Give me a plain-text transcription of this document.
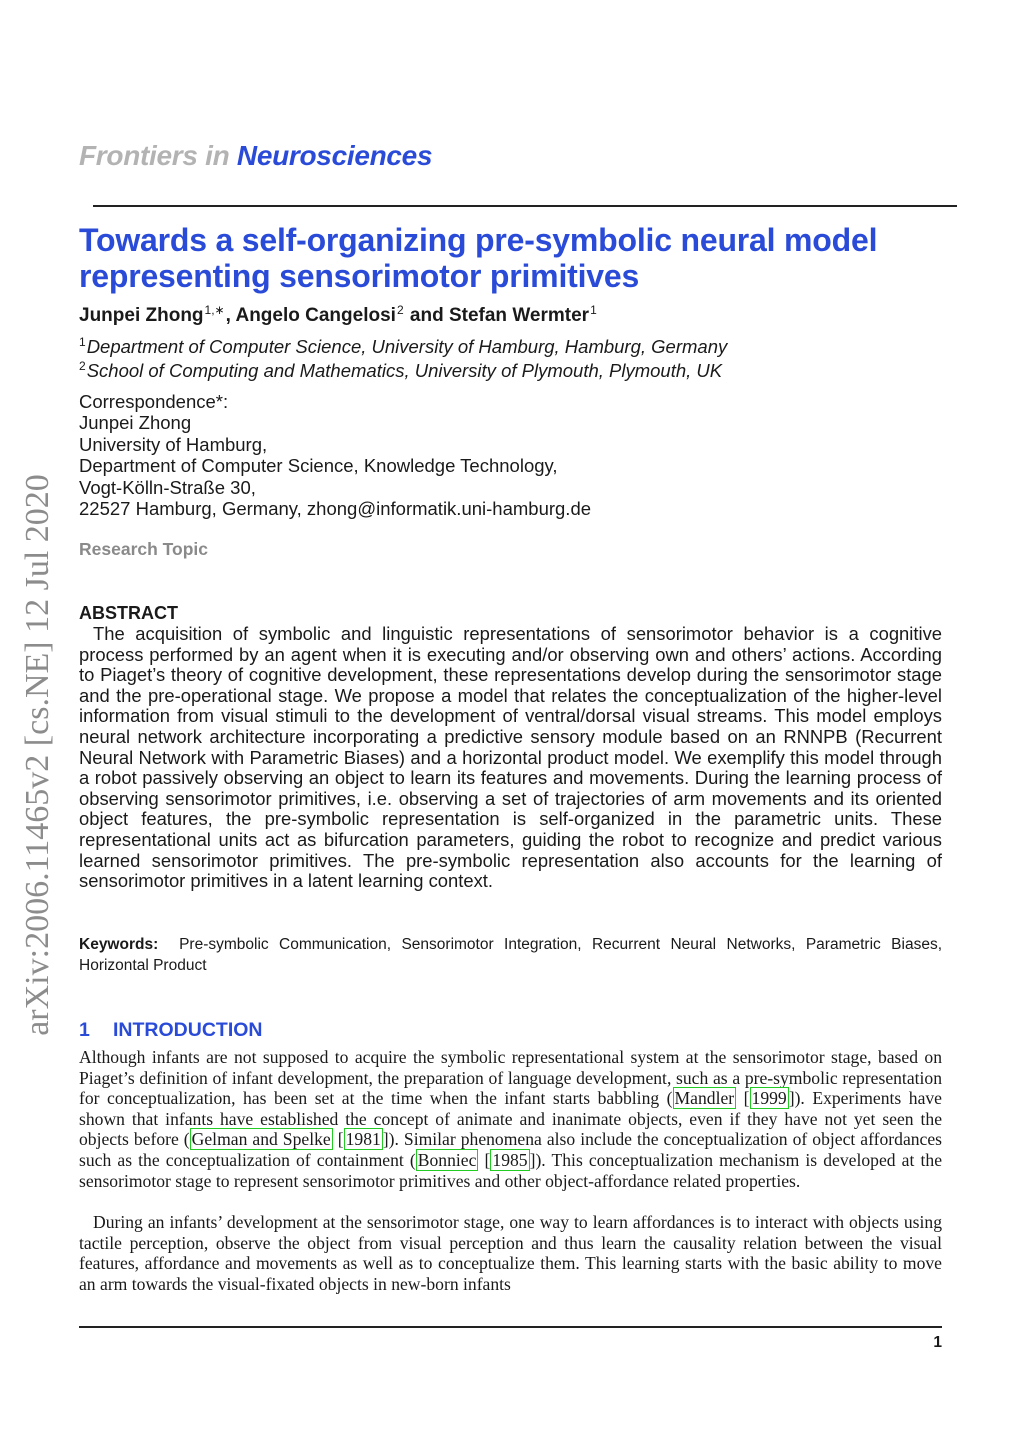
Frontiers in Neurosciences
Towards a self-organizing pre-symbolic neural model representing sensorimotor primitives
Junpei Zhong$^{1,∗}$, Angelo Cangelosi$^2$ and Stefan Wermter$^1$
$^1$Department of Computer Science, University of Hamburg, Hamburg, Germany
$^2$School of Computing and Mathematics, University of Plymouth, Plymouth, UK
Correspondence*:
Junpei Zhong
University of Hamburg,
Department of Computer Science, Knowledge Technology,
Vogt-Kölln-Straße 30,
22527 Hamburg, Germany, zhong@informatik.uni-hamburg.de
Research Topic
ABSTRACT
The acquisition of symbolic and linguistic representations of sensorimotor behavior is a cognitive process performed by an agent when it is executing and/or observing own and others’ actions. According to Piaget’s theory of cognitive development, these representations develop during the sensorimotor stage and the pre-operational stage. We propose a model that relates the conceptualization of the higher-level information from visual stimuli to the development of ventral/dorsal visual streams. This model employs neural network architecture incorporating a predictive sensory module based on an RNNPB (Recurrent Neural Network with Parametric Biases) and a horizontal product model. We exemplify this model through a robot passively observing an object to learn its features and movements. During the learning process of observing sensorimotor primitives, i.e. observing a set of trajectories of arm movements and its oriented object features, the pre-symbolic representation is self-organized in the parametric units. These representational units act as bifurcation parameters, guiding the robot to recognize and predict various learned sensorimotor primitives. The pre-symbolic representation also accounts for the learning of sensorimotor primitives in a latent learning context.
Keywords: Pre-symbolic Communication, Sensorimotor Integration, Recurrent Neural Networks, Parametric Biases, Horizontal Product
1 INTRODUCTION
Although infants are not supposed to acquire the symbolic representational system at the sensorimotor stage, based on Piaget’s definition of infant development, the preparation of language development, such as a pre-symbolic representation for conceptualization, has been set at the time when the infant starts babbling ( Mandler [ 1999 ]). Experiments have shown that infants have established the concept of animate and inanimate objects, even if they have not yet seen the objects before ( Gelman and Spelke [ 1981 ]). Similar phenomena also include the conceptualization of object affordances such as the conceptualization of containment ( Bonniec [ 1985 ]). This conceptualization mechanism is developed at the sensorimotor stage to represent sensorimotor primitives and other object-affordance related properties.
During an infants’ development at the sensorimotor stage, one way to learn affordances is to interact with objects using tactile perception, observe the object from visual perception and thus learn the causality relation between the visual features, affordance and movements as well as to conceptualize them. This learning starts with the basic ability to move an arm towards the visual-fixated objects in new-born infants
1
arXiv:2006.11465v2 [cs.NE] 12 Jul 2020
